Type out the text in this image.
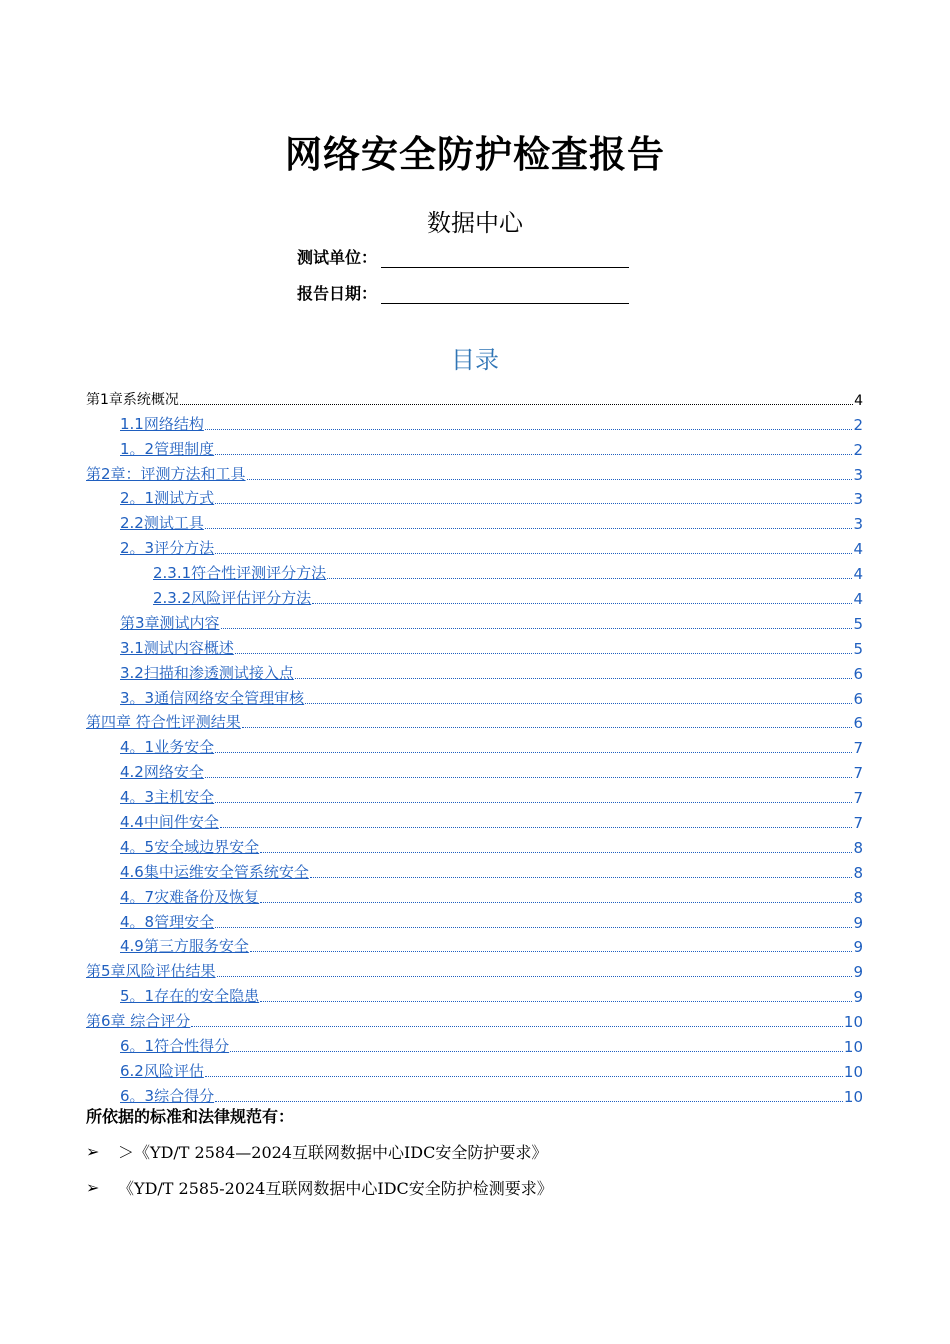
网络安全防护检查报告
数据中心
测试单位：
报告日期：
目录
第1章系统概况	4
1.1网络结构	2
1。2管理制度	2
第2章：评测方法和工具	3
2。1测试方式	3
2.2测试工具	3
2。3评分方法	4
2.3.1符合性评测评分方法	4
2.3.2风险评估评分方法	4
第3章测试内容	5
3.1测试内容概述	5
3.2扫描和渗透测试接入点	6
3。3通信网络安全管理审核	6
第四章 符合性评测结果	6
4。1业务安全	7
4.2网络安全	7
4。3主机安全	7
4.4中间件安全	7
4。5安全域边界安全	8
4.6集中运维安全管系统安全	8
4。7灾难备份及恢复	8
4。8管理安全	9
4.9第三方服务安全	9
第5章风险评估结果	9
5。1存在的安全隐患	9
第6章 综合评分	10
6。1符合性得分	10
6.2风险评估	10
6。3综合得分	10
所依据的标准和法律规范有：
➢	＞《YD/T 2584—2024互联网数据中心IDC安全防护要求》
➢	《YD/T 2585-2024互联网数据中心IDC安全防护检测要求》
